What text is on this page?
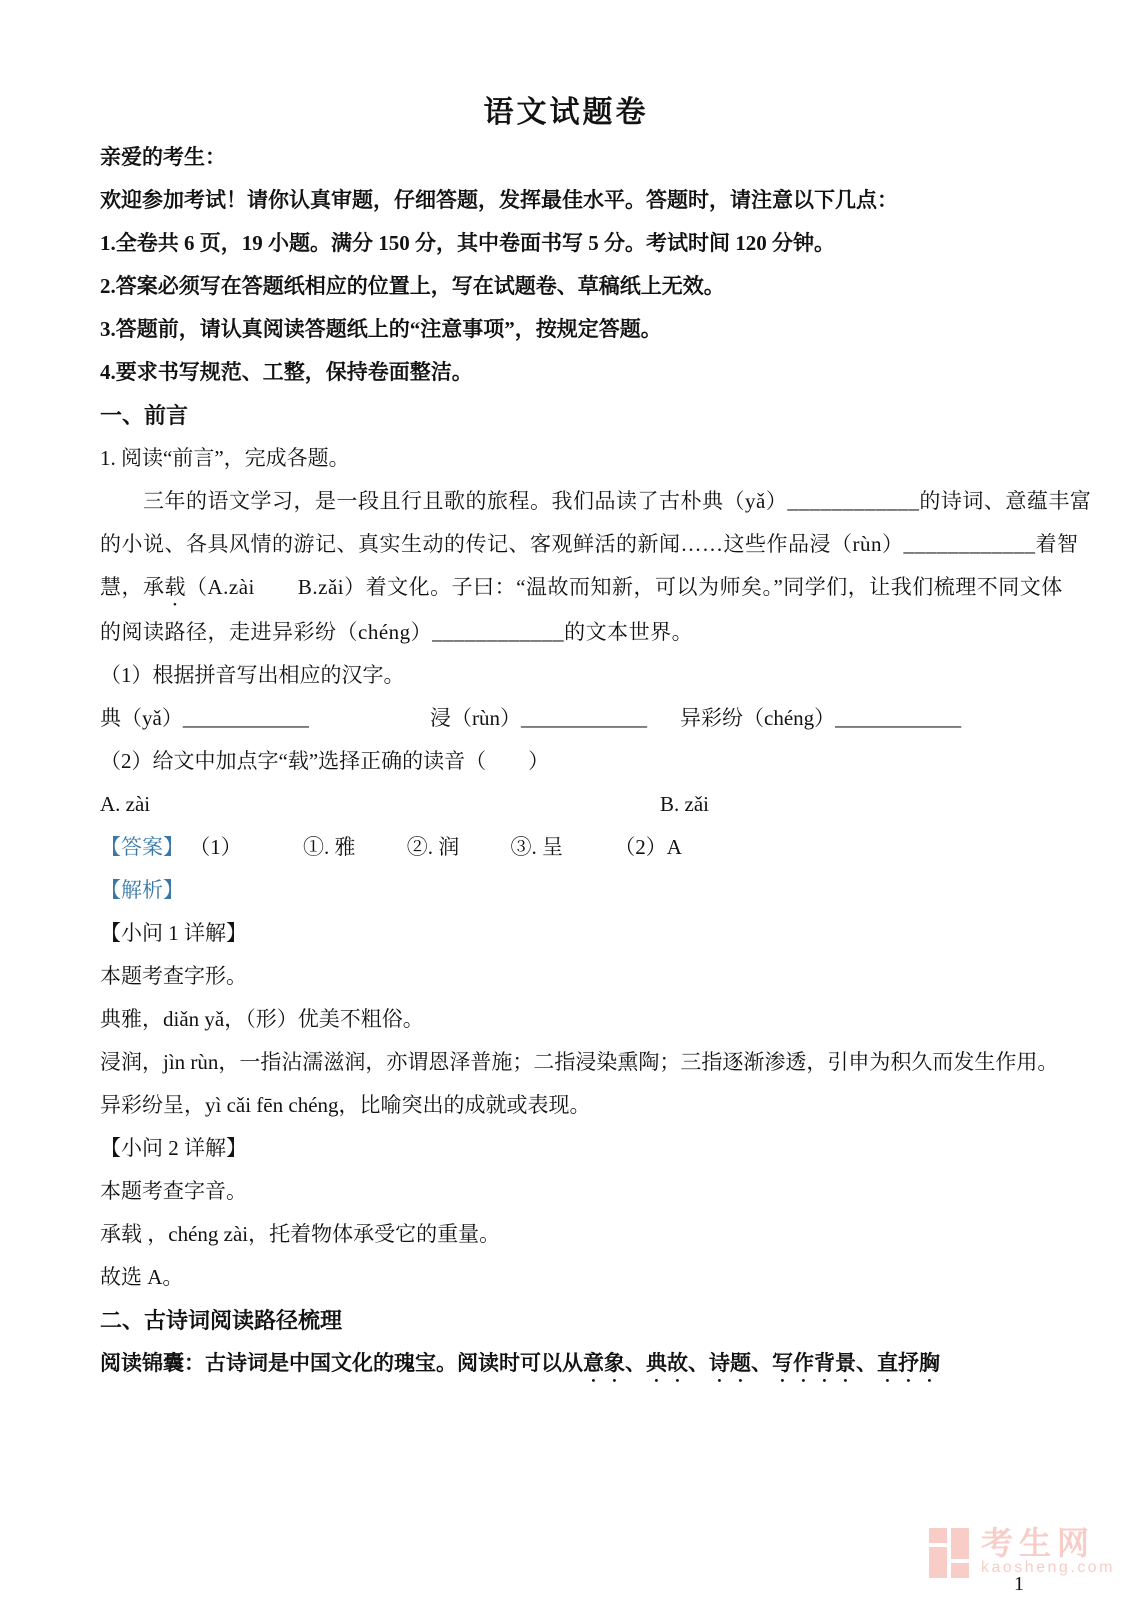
语文试题卷
亲爱的考生：
欢迎参加考试！请你认真审题，仔细答题，发挥最佳水平。答题时，请注意以下几点：
1.全卷共 6 页，19 小题。满分 150 分，其中卷面书写 5 分。考试时间 120 分钟。
2.答案必须写在答题纸相应的位置上，写在试题卷、草稿纸上无效。
3.答题前，请认真阅读答题纸上的“注意事项”，按规定答题。
4.要求书写规范、工整，保持卷面整洁。
一、前言
1. 阅读“前言”，完成各题。
　　三年的语文学习，是一段且行且歌的旅程。我们品读了古朴典（yǎ）____________的诗词、意蕴丰富
的小说、各具风情的游记、真实生动的传记、客观鲜活的新闻……这些作品浸（rùn）____________着智
慧，承载（A.zài　　B.zǎi）着文化。子曰：“温故而知新，可以为师矣。”同学们，让我们梳理不同文体
的阅读路径，走进异彩纷（chéng）____________的文本世界。
（1）根据拼音写出相应的汉字。
典（yǎ）____________	浸（rùn）____________	异彩纷（chéng）____________
（2）给文中加点字“载”选择正确的读音（　　）
A. zài	B. zǎi
【答案】 （1）	①. 雅 ②. 润 ③. 呈 （2）A
【解析】
【小问 1 详解】
本题考查字形。
典雅，diǎn yǎ，（形）优美不粗俗。
浸润，jìn rùn，一指沾濡滋润，亦谓恩泽普施；二指浸染熏陶；三指逐渐渗透，引申为积久而发生作用。
异彩纷呈，yì cǎi fēn chéng，比喻突出的成就或表现。
【小问 2 详解】
本题考查字音。
承载 ，chéng zài，托着物体承受它的重量。
故选 A。
二、古诗词阅读路径梳理
阅读锦囊：古诗词是中国文化的瑰宝。阅读时可以从意象、典故、诗题、写作背景、直抒胸
考生网
kaosheng.com
1
